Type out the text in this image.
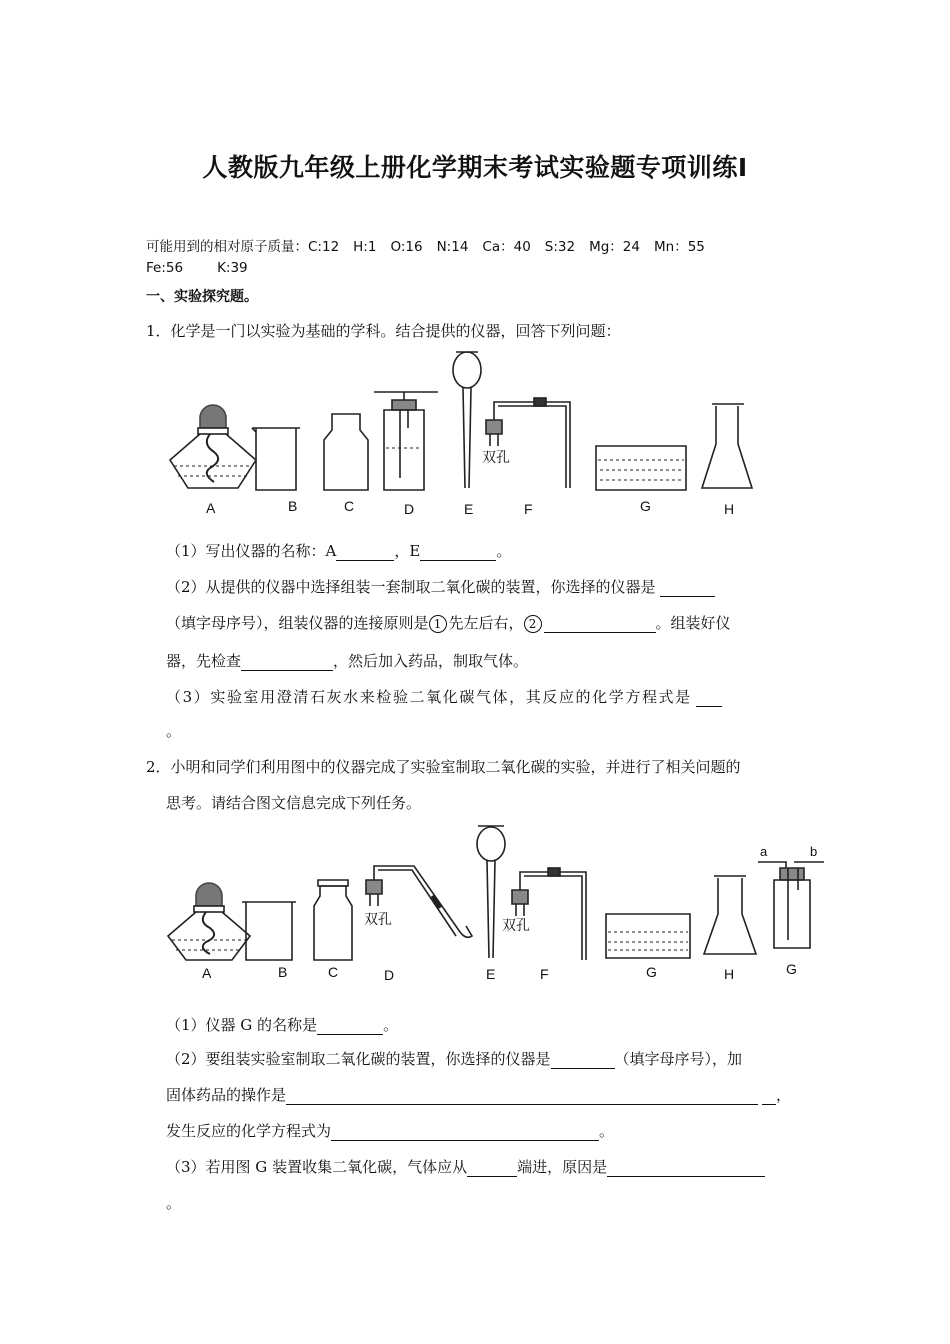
人教版九年级上册化学期末考试实验题专项训练Ⅰ
可能用到的相对原子质量：C:12 H:1 O:16 N:14 Ca：40 S:32 Mg：24 Mn：55
Fe:56	K:39
一、实验探究题。
1．化学是一门以实验为基础的学科。结合提供的仪器，回答下列问题：
双孔
A	B	C	D	E	F	G	H
（1）写出仪器的名称：A	，E	。
（2）从提供的仪器中选择组装一套制取二氧化碳的装置，你选择的仪器是
（填字母序号），组装仪器的连接原则是 1 先左后右， 2	。组装好仪
器，先检查	，然后加入药品，制取气体。
（3）实验室用澄清石灰水来检验二氧化碳气体，其反应的化学方程式是
。
2．小明和同学们利用图中的仪器完成了实验室制取二氧化碳的实验，并进行了相关问题的
思考。请结合图文信息完成下列任务。
双孔	双孔
a	b
A	B	C	D	E	F	G	H	G
（1）仪器 G 的名称是	。
（2）要组装实验室制取二氧化碳的装置，你选择的仪器是	（填字母序号），加
固体药品的操作是	，
发生反应的化学方程式为	。
（3）若用图 G 装置收集二氧化碳，气体应从	端进，原因是
。
